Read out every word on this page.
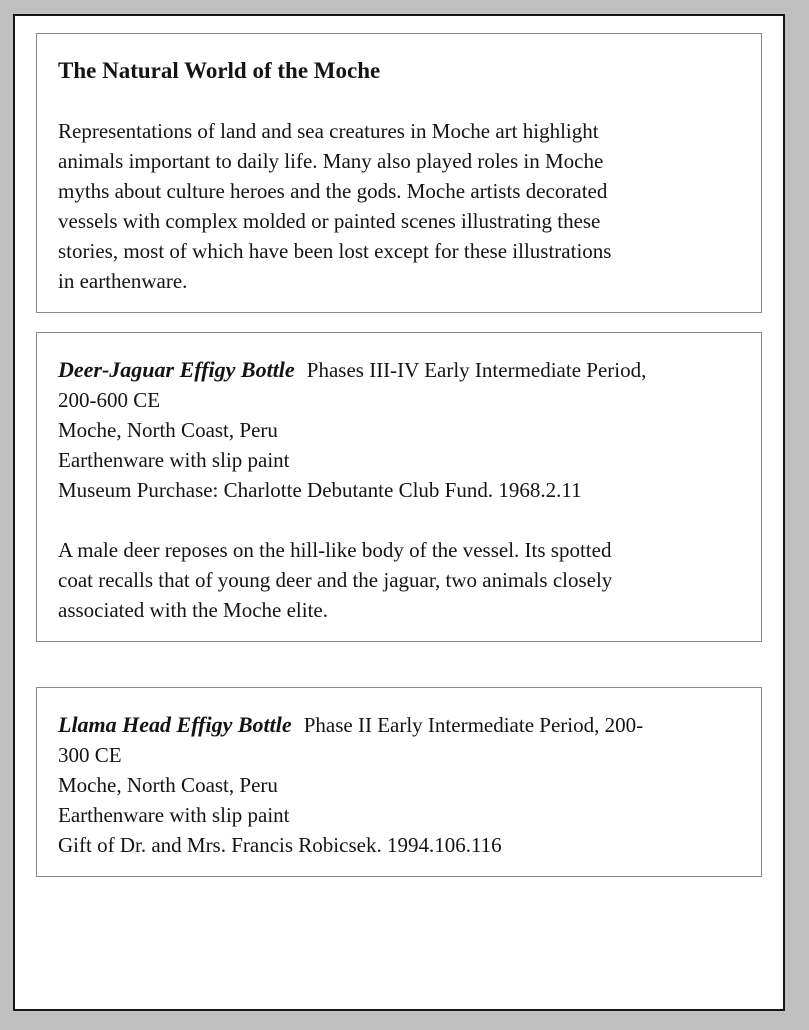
The Natural World of the Moche

Representations of land and sea creatures in Moche art highlight

animals important to daily life. Many also played roles in Moche

myths about culture heroes and the gods. Moche artists decorated

vessels with complex molded or painted scenes illustrating these

stories, most of which have been lost except for these illustrations

in earthenware.

Deer-Jaguar Effigy Bottle Phases III-IV Early Intermediate Period,

200-600 CE

Moche, North Coast, Peru

Earthenware with slip paint

Museum Purchase: Charlotte Debutante Club Fund. 1968.2.11

A male deer reposes on the hill-like body of the vessel. Its spotted

coat recalls that of young deer and the jaguar, two animals closely

associated with the Moche elite.

Llama Head Effigy Bottle Phase II Early Intermediate Period, 200-

300 CE

Moche, North Coast, Peru

Earthenware with slip paint

Gift of Dr. and Mrs. Francis Robicsek. 1994.106.116
